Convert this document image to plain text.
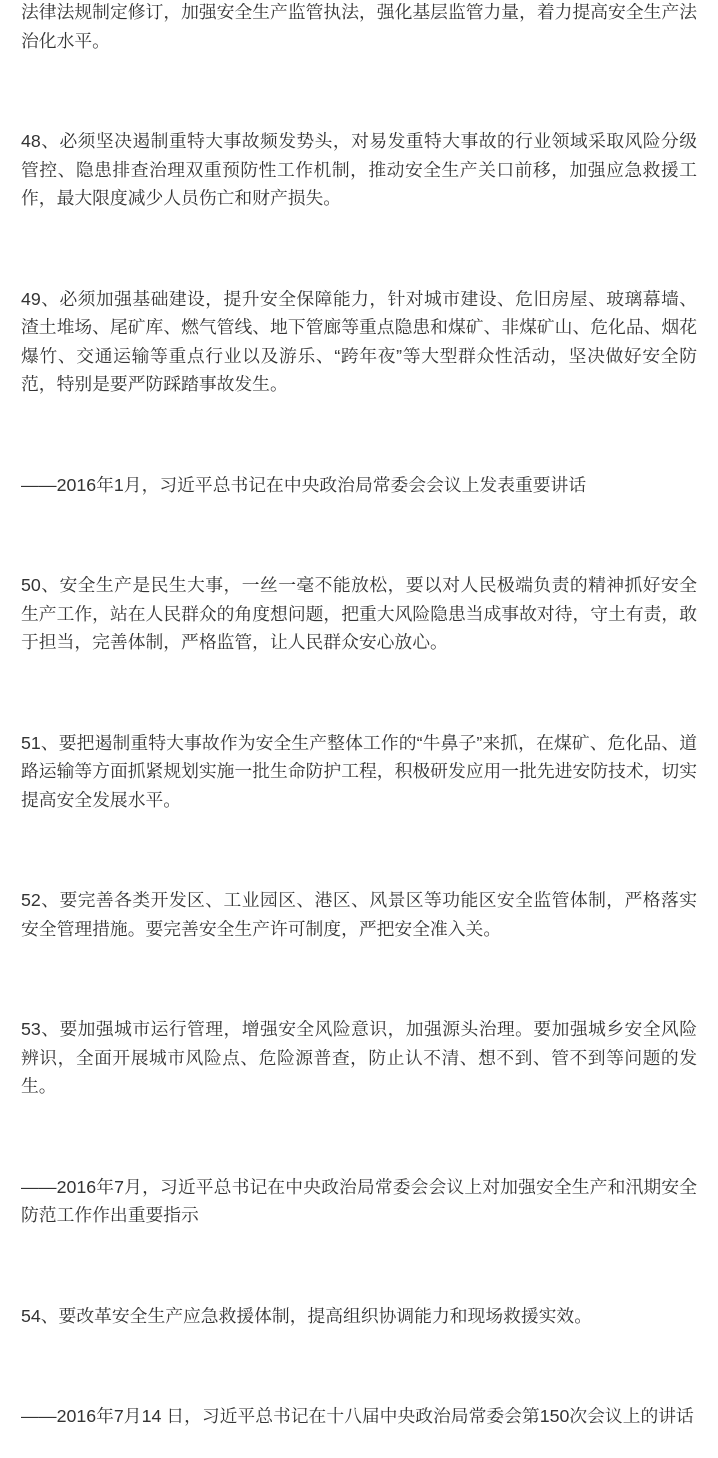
法律法规制定修订，加强安全生产监管执法，强化基层监管力量，着力提高安全生产法治化水平。

48、必须坚决遏制重特大事故频发势头，对易发重特大事故的行业领域采取风险分级管控、隐患排查治理双重预防性工作机制，推动安全生产关口前移，加强应急救援工作，最大限度减少人员伤亡和财产损失。

49、必须加强基础建设，提升安全保障能力，针对城市建设、危旧房屋、玻璃幕墙、渣土堆场、尾矿库、燃气管线、地下管廊等重点隐患和煤矿、非煤矿山、危化品、烟花爆竹、交通运输等重点行业以及游乐、“跨年夜”等大型群众性活动，坚决做好安全防范，特别是要严防踩踏事故发生。

——2016年1月，习近平总书记在中央政治局常委会会议上发表重要讲话

50、安全生产是民生大事，一丝一毫不能放松，要以对人民极端负责的精神抓好安全生产工作，站在人民群众的角度想问题，把重大风险隐患当成事故对待，守土有责，敢于担当，完善体制，严格监管，让人民群众安心放心。

51、要把遏制重特大事故作为安全生产整体工作的“牛鼻子”来抓，在煤矿、危化品、道路运输等方面抓紧规划实施一批生命防护工程，积极研发应用一批先进安防技术，切实提高安全发展水平。

52、要完善各类开发区、工业园区、港区、风景区等功能区安全监管体制，严格落实安全管理措施。要完善安全生产许可制度，严把安全准入关。

53、要加强城市运行管理，增强安全风险意识，加强源头治理。要加强城乡安全风险辨识，全面开展城市风险点、危险源普查，防止认不清、想不到、管不到等问题的发生。

——2016年7月，习近平总书记在中央政治局常委会会议上对加强安全生产和汛期安全防范工作作出重要指示

54、要改革安全生产应急救援体制，提高组织协调能力和现场救援实效。

——2016年7月14 日，习近平总书记在十八届中央政治局常委会第150次会议上的讲话
